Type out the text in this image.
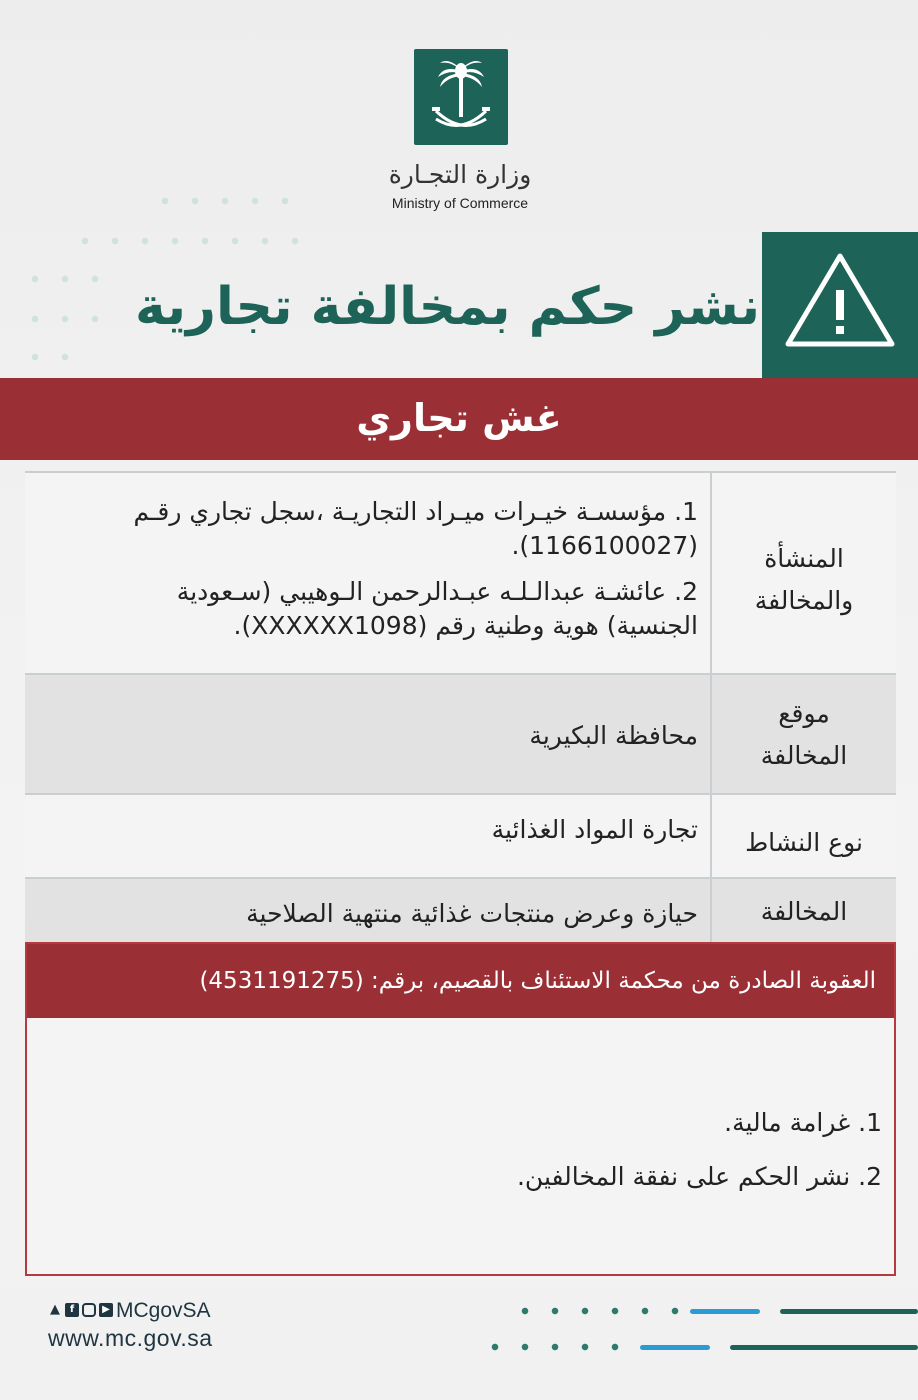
وزارة التجـارة
Ministry of Commerce
نشر حكم بمخالفة تجارية
غش تجاري
المنشأة والمخالفة
1. مؤسسـة خيـرات ميـراد التجاريـة ،سجل تجاري رقـم
(1166100027).
2. عائشـة عبدالـلـه عبـدالرحمن الـوهيبي (سـعودية
الجنسية) هوية وطنية رقم (XXXXXX1098).
موقع المخالفة
محافظة البكيرية
نوع النشاط
تجارة المواد الغذائية
المخالفة
حيازة وعرض منتجات غذائية منتهية الصلاحية
العقوبة الصادرة من محكمة الاستئناف بالقصيم، برقم: (4531191275)
1. غرامة مالية.
2. نشر الحكم على نفقة المخالفين.
▲ f	▶ MCgovSA
www.mc.gov.sa
